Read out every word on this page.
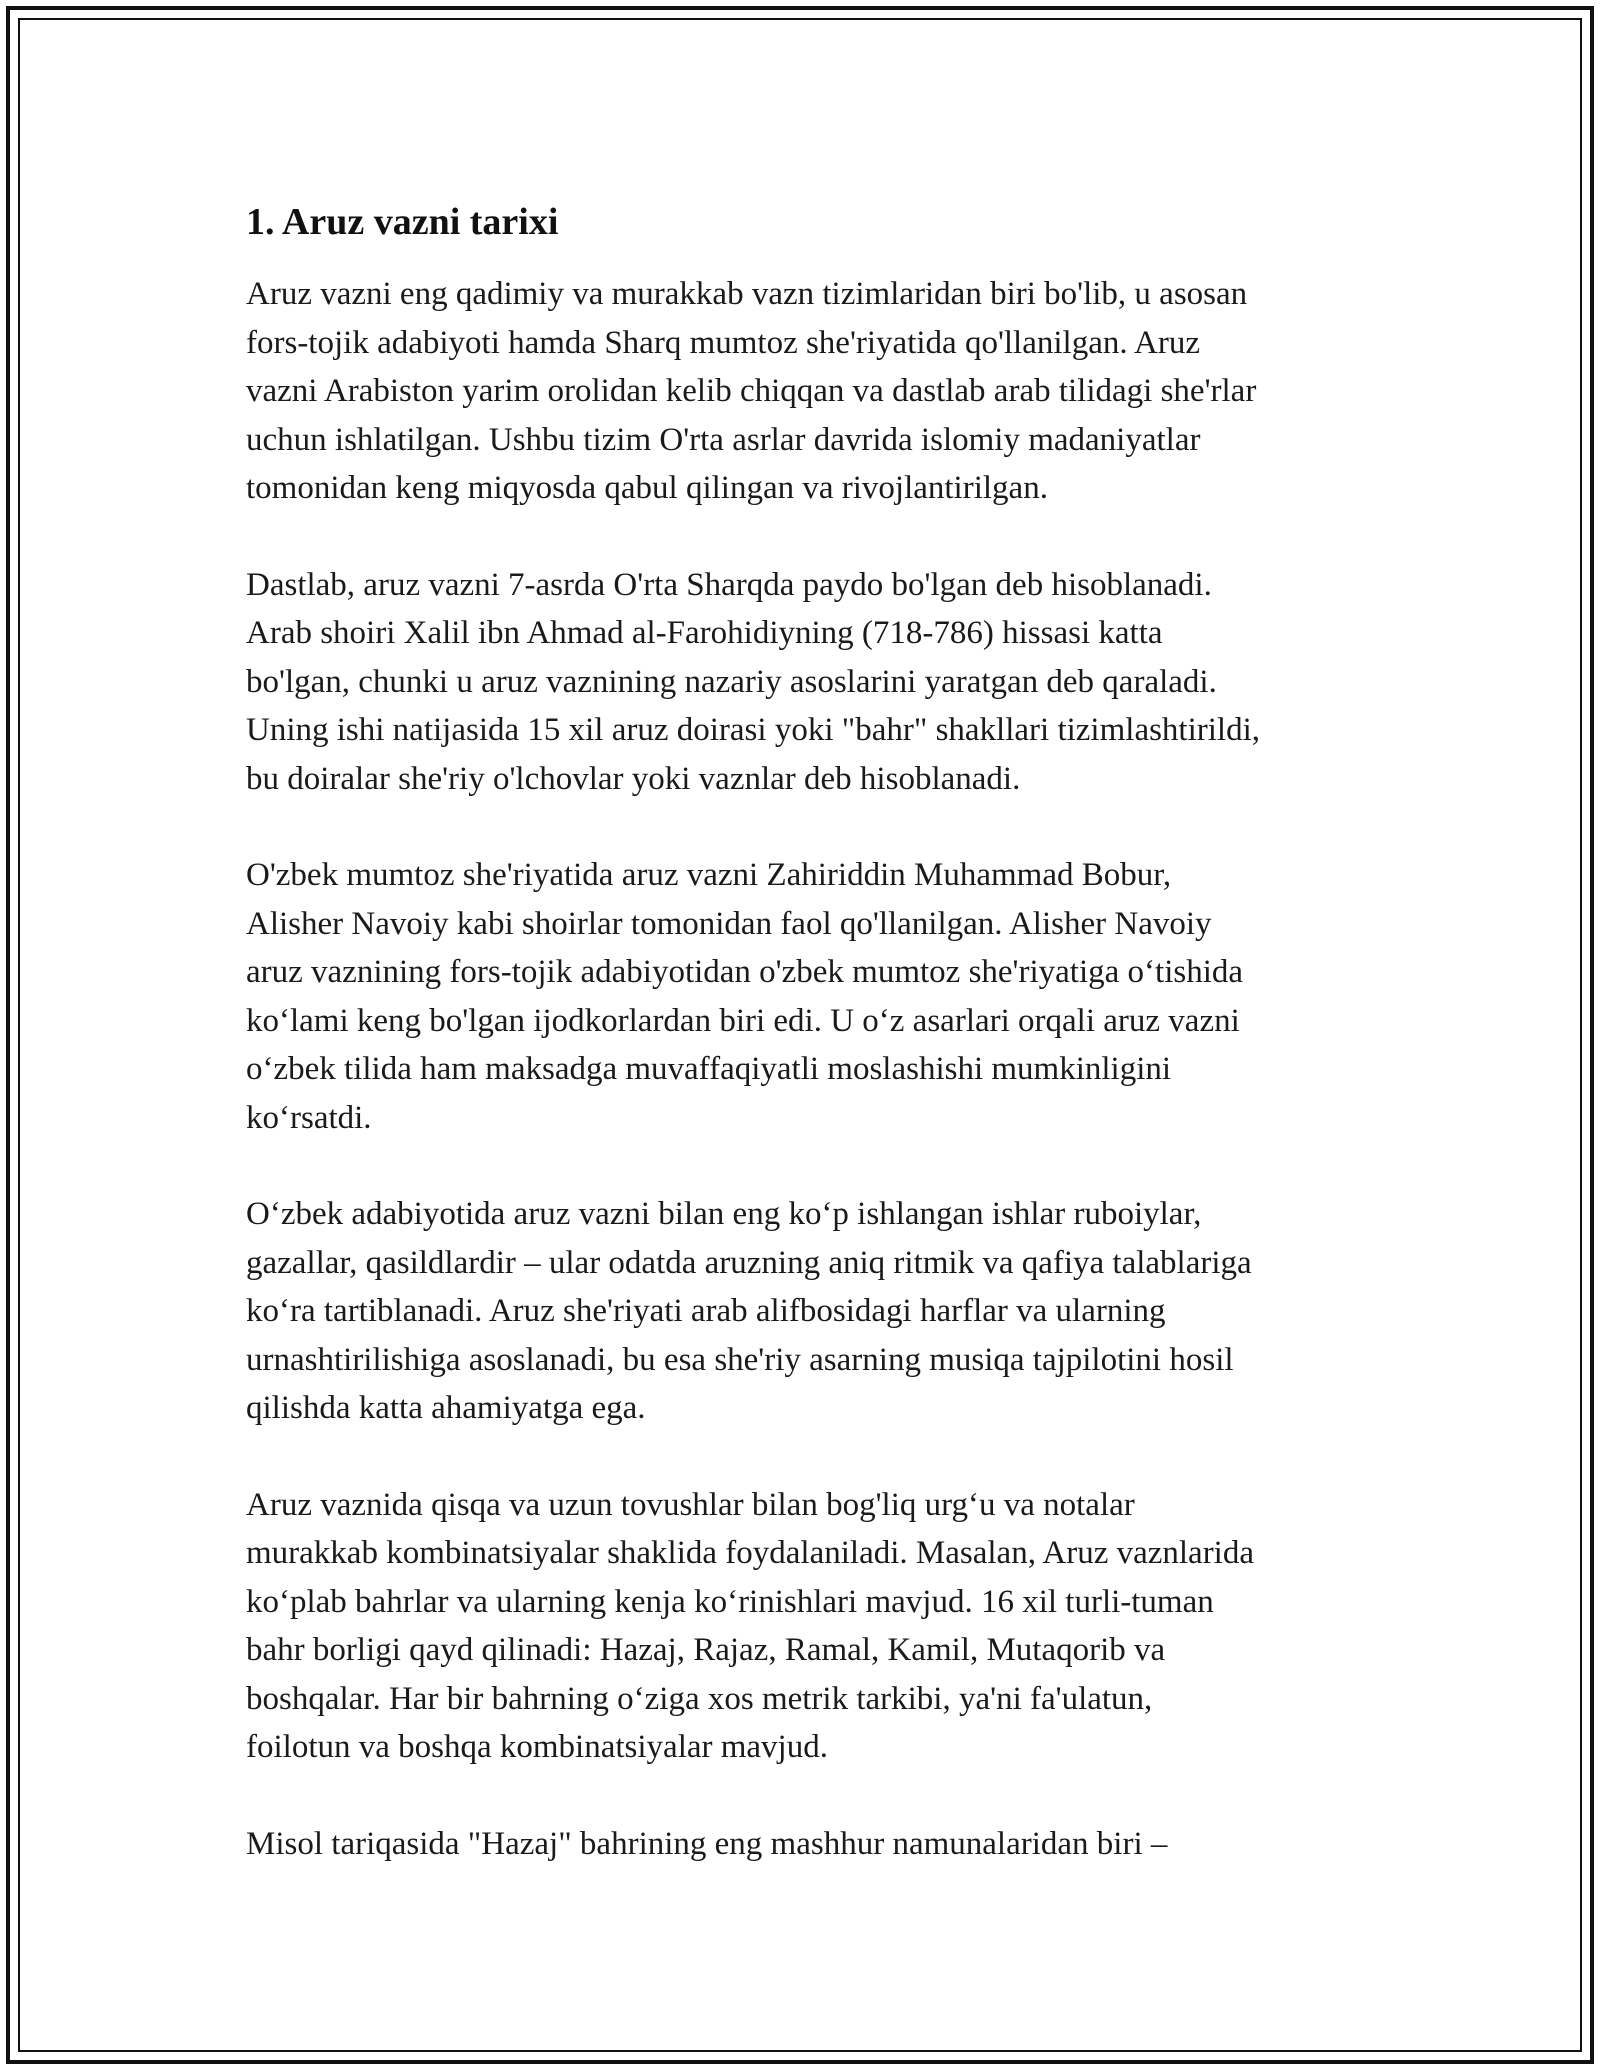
1. Aruz vazni tarixi

Aruz vazni eng qadimiy va murakkab vazn tizimlaridan biri bo'lib, u asosan
fors-tojik adabiyoti hamda Sharq mumtoz she'riyatida qo'llanilgan. Aruz
vazni Arabiston yarim orolidan kelib chiqqan va dastlab arab tilidagi she'rlar
uchun ishlatilgan. Ushbu tizim O'rta asrlar davrida islomiy madaniyatlar
tomonidan keng miqyosda qabul qilingan va rivojlantirilgan.

Dastlab, aruz vazni 7-asrda O'rta Sharqda paydo bo'lgan deb hisoblanadi.
Arab shoiri Xalil ibn Ahmad al-Farohidiyning (718-786) hissasi katta
bo'lgan, chunki u aruz vaznining nazariy asoslarini yaratgan deb qaraladi.
Uning ishi natijasida 15 xil aruz doirasi yoki "bahr" shakllari tizimlashtirildi,
bu doiralar she'riy o'lchovlar yoki vaznlar deb hisoblanadi.

O'zbek mumtoz she'riyatida aruz vazni Zahiriddin Muhammad Bobur,
Alisher Navoiy kabi shoirlar tomonidan faol qo'llanilgan. Alisher Navoiy
aruz vaznining fors-tojik adabiyotidan o'zbek mumtoz she'riyatiga o‘tishida
ko‘lami keng bo'lgan ijodkorlardan biri edi. U o‘z asarlari orqali aruz vazni
o‘zbek tilida ham maksadga muvaffaqiyatli moslashishi mumkinligini
ko‘rsatdi.

O‘zbek adabiyotida aruz vazni bilan eng ko‘p ishlangan ishlar ruboiylar,
gazallar, qasildlardir – ular odatda aruzning aniq ritmik va qafiya talablariga
ko‘ra tartiblanadi. Aruz she'riyati arab alifbosidagi harflar va ularning
urnashtirilishiga asoslanadi, bu esa she'riy asarning musiqa tajpilotini hosil
qilishda katta ahamiyatga ega.

Aruz vaznida qisqa va uzun tovushlar bilan bog'liq urg‘u va notalar
murakkab kombinatsiyalar shaklida foydalaniladi. Masalan, Aruz vaznlarida
ko‘plab bahrlar va ularning kenja ko‘rinishlari mavjud. 16 xil turli-tuman
bahr borligi qayd qilinadi: Hazaj, Rajaz, Ramal, Kamil, Mutaqorib va
boshqalar. Har bir bahrning o‘ziga xos metrik tarkibi, ya'ni fa'ulatun,
foilotun va boshqa kombinatsiyalar mavjud.

Misol tariqasida "Hazaj" bahrining eng mashhur namunalaridan biri –
